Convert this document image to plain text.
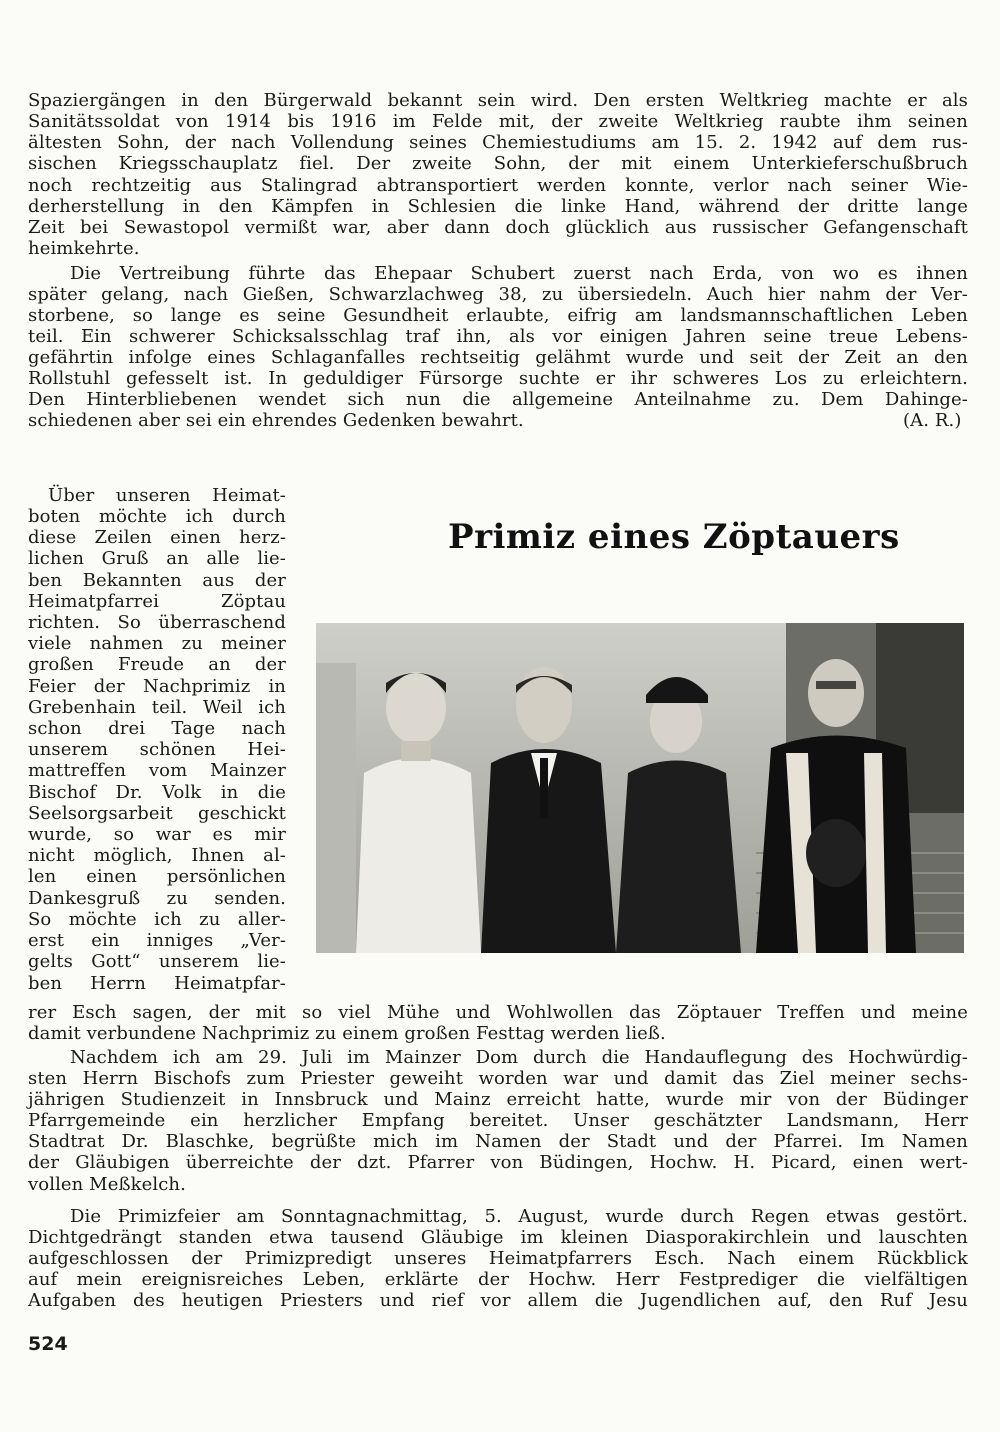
Spaziergängen in den Bürgerwald bekannt sein wird. Den ersten Weltkrieg machte er als

Sanitätssoldat von 1914 bis 1916 im Felde mit, der zweite Weltkrieg raubte ihm seinen

ältesten Sohn, der nach Vollendung seines Chemiestudiums am 15. 2. 1942 auf dem rus-

sischen Kriegsschauplatz fiel. Der zweite Sohn, der mit einem Unterkieferschußbruch

noch rechtzeitig aus Stalingrad abtransportiert werden konnte, verlor nach seiner Wie-

derherstellung in den Kämpfen in Schlesien die linke Hand, während der dritte lange

Zeit bei Sewastopol vermißt war, aber dann doch glücklich aus russischer Gefangenschaft

heimkehrte.

Die Vertreibung führte das Ehepaar Schubert zuerst nach Erda, von wo es ihnen

später gelang, nach Gießen, Schwarzlachweg 38, zu übersiedeln. Auch hier nahm der Ver-

storbene, so lange es seine Gesundheit erlaubte, eifrig am landsmannschaftlichen Leben

teil. Ein schwerer Schicksalsschlag traf ihn, als vor einigen Jahren seine treue Lebens-

gefährtin infolge eines Schlaganfalles rechtseitig gelähmt wurde und seit der Zeit an den

Rollstuhl gefesselt ist. In geduldiger Fürsorge suchte er ihr schweres Los zu erleichtern.

Den Hinterbliebenen wendet sich nun die allgemeine Anteilnahme zu. Dem Dahinge-

schiedenen aber sei ein ehrendes Gedenken bewahrt.	(A. R.)

Primiz eines Zöptauers

Über unseren Heimat-

boten möchte ich durch

diese Zeilen einen herz-

lichen Gruß an alle lie-

ben Bekannten aus der

Heimatpfarrei Zöptau

richten. So überraschend

viele nahmen zu meiner

großen Freude an der

Feier der Nachprimiz in

Grebenhain teil. Weil ich

schon drei Tage nach

unserem schönen Hei-

mattreffen vom Mainzer

Bischof Dr. Volk in die

Seelsorgsarbeit geschickt

wurde, so war es mir

nicht möglich, Ihnen al-

len einen persönlichen

Dankesgruß zu senden.

So möchte ich zu aller-

erst ein inniges „Ver-

gelts Gott“ unserem lie-

ben Herrn Heimatpfar-

rer Esch sagen, der mit so viel Mühe und Wohlwollen das Zöptauer Treffen und meine

damit verbundene Nachprimiz zu einem großen Festtag werden ließ.

Nachdem ich am 29. Juli im Mainzer Dom durch die Handauflegung des Hochwürdig-

sten Herrn Bischofs zum Priester geweiht worden war und damit das Ziel meiner sechs-

jährigen Studienzeit in Innsbruck und Mainz erreicht hatte, wurde mir von der Büdinger

Pfarrgemeinde ein herzlicher Empfang bereitet. Unser geschätzter Landsmann, Herr

Stadtrat Dr. Blaschke, begrüßte mich im Namen der Stadt und der Pfarrei. Im Namen

der Gläubigen überreichte der dzt. Pfarrer von Büdingen, Hochw. H. Picard, einen wert-

vollen Meßkelch.

Die Primizfeier am Sonntagnachmittag, 5. August, wurde durch Regen etwas gestört.

Dichtgedrängt standen etwa tausend Gläubige im kleinen Diasporakirchlein und lauschten

aufgeschlossen der Primizpredigt unseres Heimatpfarrers Esch. Nach einem Rückblick

auf mein ereignisreiches Leben, erklärte der Hochw. Herr Festprediger die vielfältigen

Aufgaben des heutigen Priesters und rief vor allem die Jugendlichen auf, den Ruf Jesu

524
